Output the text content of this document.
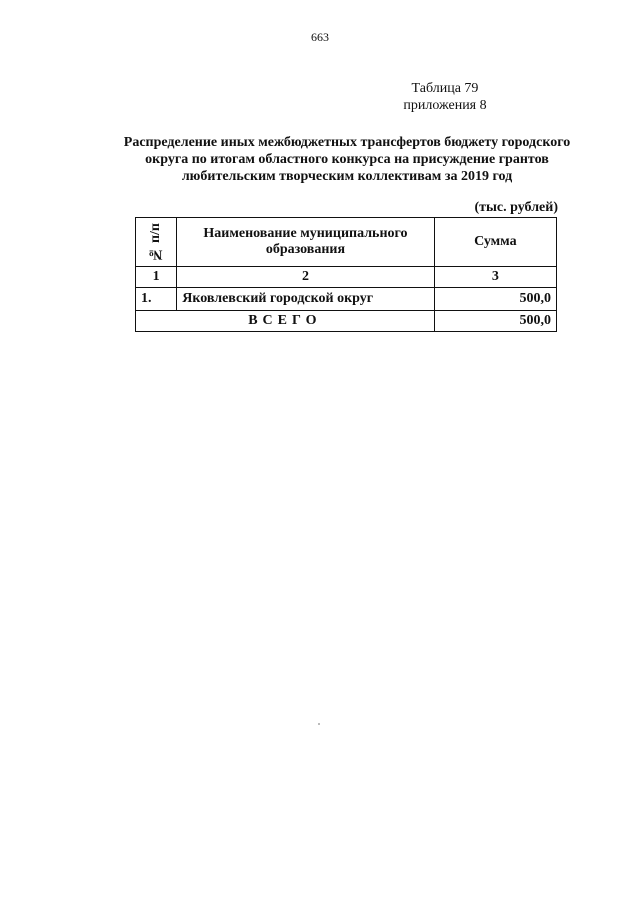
663
Таблица 79
приложения 8
Распределение иных межбюджетных трансфертов бюджету городского округа по итогам областного конкурса на присуждение грантов любительским творческим коллективам за 2019 год
(тыс. рублей)
№ п/п	Наименование муниципального образования	Сумма
1	2	3
1.	Яковлевский городской округ	500,0
ВСЕГО		500,0
